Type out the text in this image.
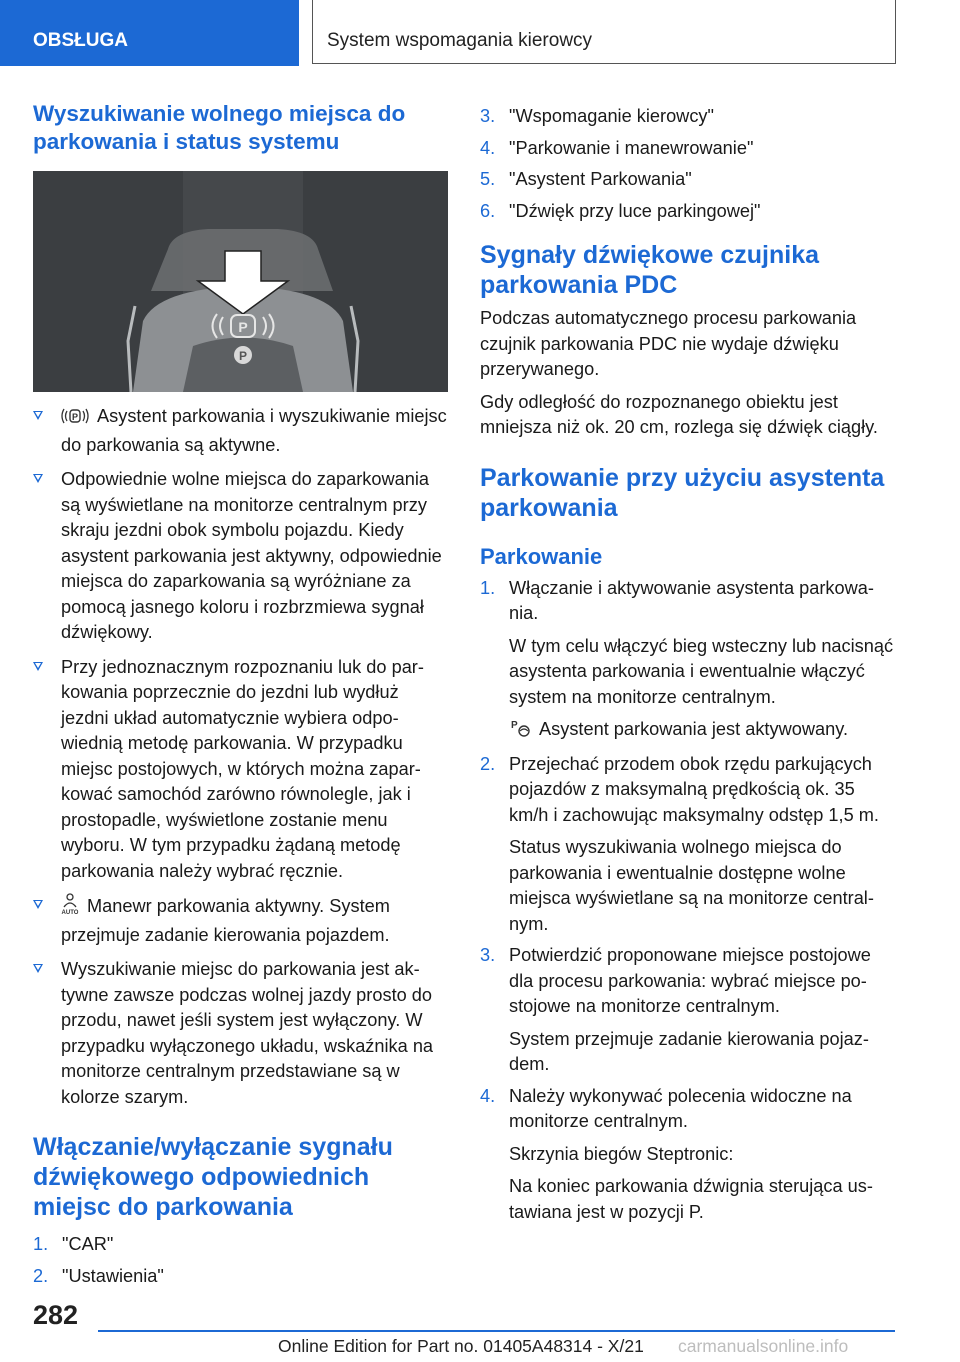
OBSŁUGA	System wspomagania kierowcy
Wyszukiwanie wolnego miejsca do parkowania i status systemu
P
P
P Asystent parkowania i wyszukiwanie miejsc do parkowania są aktywne.
Odpowiednie wolne miejsca do zaparkowania są wyświetlane na monitorze centralnym przy skraju jezdni obok symbolu pojazdu. Kiedy asystent parkowania jest aktywny, odpowiednie miejsca do zaparkowania są wyróżniane za pomocą jasnego koloru i rozbrzmiewa sygnał dźwiękowy.
Przy jednoznacznym rozpoznaniu luk do parkowania poprzecznie do jezdni lub wydłuż jezdni układ automatycznie wybiera odpowiednią metodę parkowania. W przypadku miejsc postojowych, w których można zaparkować samochód zarówno równolegle, jak i prostopadle, wyświetlone zostanie menu wyboru. W tym przypadku żądaną metodę parkowania należy wybrać ręcznie.
AUTO Manewr parkowania aktywny. System przejmuje zadanie kierowania pojazdem.
Wyszukiwanie miejsc do parkowania jest aktywne zawsze podczas wolnej jazdy prosto do przodu, nawet jeśli system jest wyłączony. W przypadku wyłączonego układu, wskaźnika na monitorze centralnym przedstawiane są w kolorze szarym.
Włączanie/wyłączanie sygnału dźwiękowego odpowiednich miejsc do parkowania
1. "CAR"
2. "Ustawienia"
3. "Wspomaganie kierowcy"
4. "Parkowanie i manewrowanie"
5. "Asystent Parkowania"
6. "Dźwięk przy luce parkingowej"
Sygnały dźwiękowe czujnika parkowania PDC

Podczas automatycznego procesu parkowania czujnik parkowania PDC nie wydaje dźwięku przerywanego.

Gdy odległość do rozpoznanego obiektu jest mniejsza niż ok. 20 cm, rozlega się dźwięk ciągły.

Parkowanie przy użyciu asystenta parkowania
Parkowanie
1. Włączanie i aktywowanie asystenta parkowania.
W tym celu włączyć bieg wsteczny lub nacisnąć asystenta parkowania i ewentualnie włączyć system na monitorze centralnym.
P Asystent parkowania jest aktywowany.
2. Przejechać przodem obok rzędu parkujących pojazdów z maksymalną prędkością ok. 35 km/h i zachowując maksymalny odstęp 1,5 m.
Status wyszukiwania wolnego miejsca do parkowania i ewentualnie dostępne wolne miejsca wyświetlane są na monitorze centralnym.
3. Potwierdzić proponowane miejsce postojowe dla procesu parkowania: wybrać miejsce postojowe na monitorze centralnym.
System przejmuje zadanie kierowania pojazdem.
4. Należy wykonywać polecenia widoczne na monitorze centralnym.
Skrzynia biegów Steptronic:
Na koniec parkowania dźwignia sterująca ustawiana jest w pozycji P.
282
Online Edition for Part no. 01405A48314 - X/21 carmanualsonline.info
